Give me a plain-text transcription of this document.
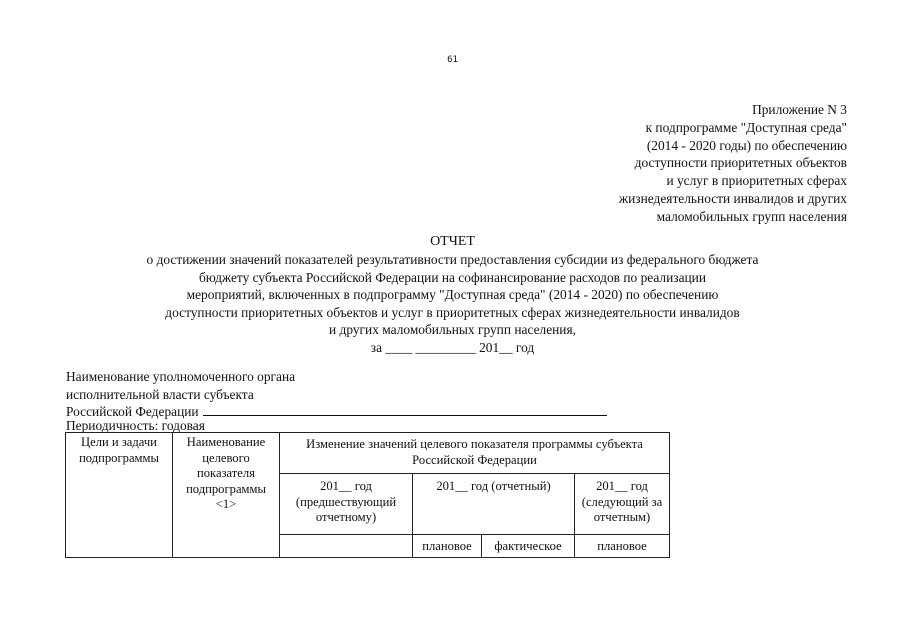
61
Приложение N 3
к подпрограмме "Доступная среда"
(2014 - 2020 годы) по обеспечению
доступности приоритетных объектов
и услуг в приоритетных сферах
жизнедеятельности инвалидов и других
маломобильных групп населения
ОТЧЕТ
о достижении значений показателей результативности предоставления субсидии из федерального бюджета
бюджету субъекта Российской Федерации на софинансирование расходов по реализации
мероприятий, включенных в подпрограмму "Доступная среда" (2014 - 2020) по обеспечению
доступности приоритетных объектов и услуг в приоритетных сферах жизнедеятельности инвалидов
и других маломобильных групп населения,
за ____ _________ 201__ год
Наименование уполномоченного органа
исполнительной власти субъекта
Российской Федерации
Периодичность: годовая
Цели и задачи подпрограммы	Наименование целевого показателя подпрограммы <1>	Изменение значений целевого показателя программы субъекта Российской Федерации			
		201__ год (предшествующий отчетному)	201__ год (отчетный)		201__ год (следующий за отчетным)
			плановое	фактическое	плановое
